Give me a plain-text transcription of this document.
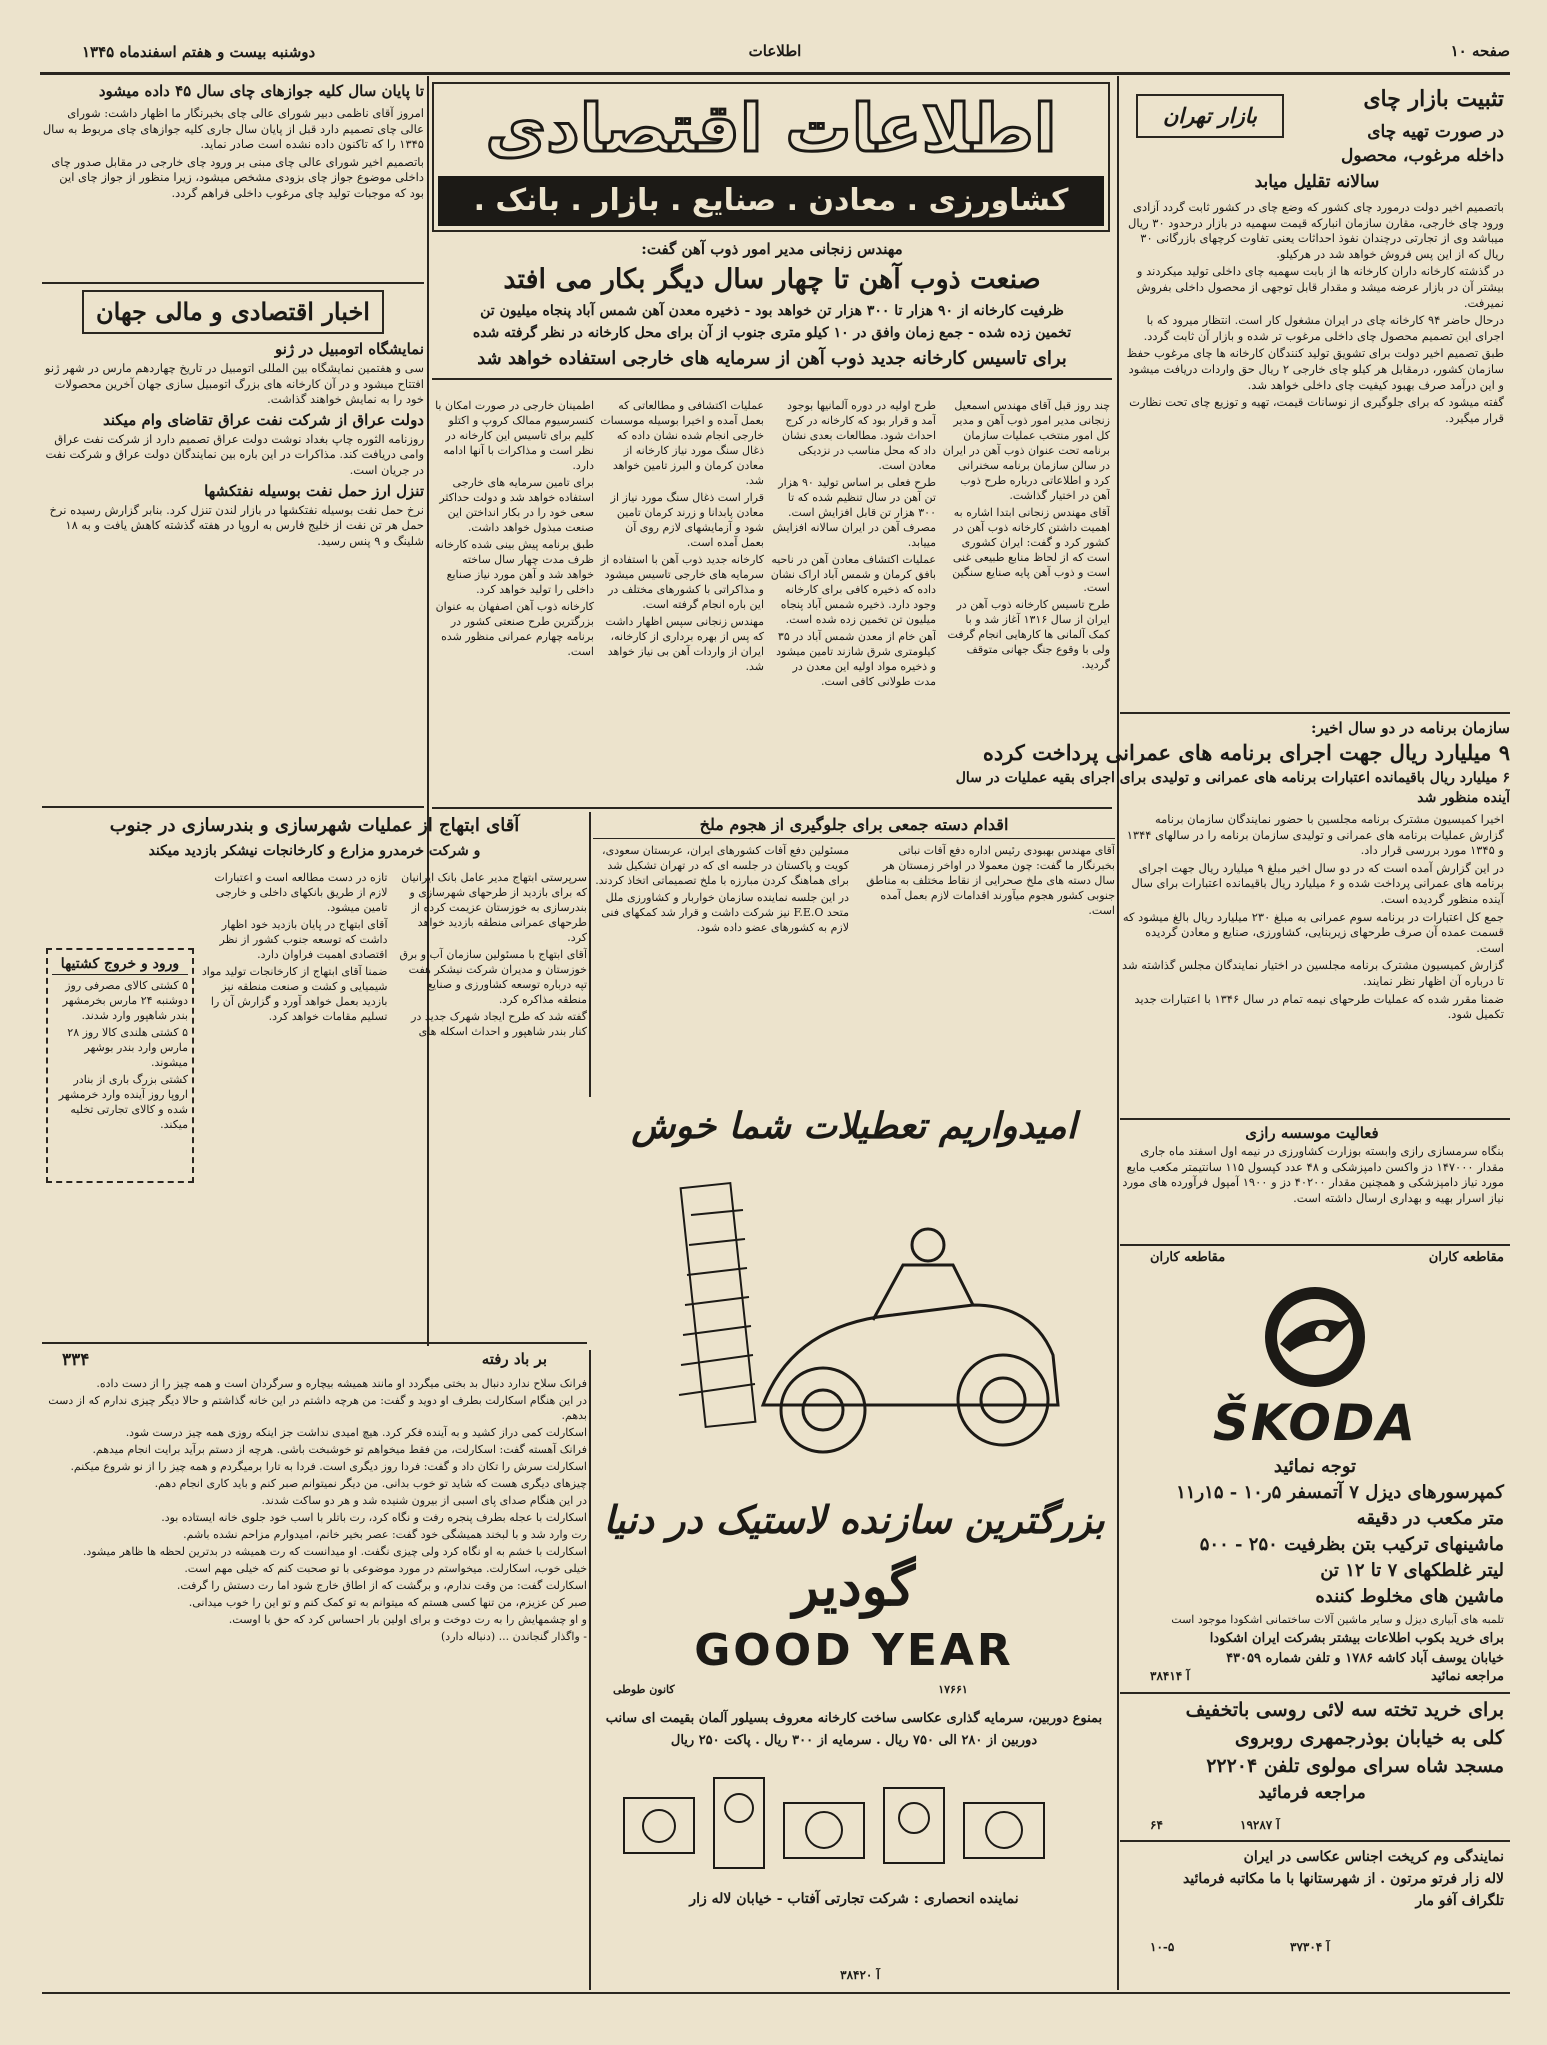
دوشنبه بیست و هفتم اسفندماه ۱۳۴۵	اطلاعات	صفحه ۱۰
بازار تهران
تثبیت بازار چای
در صورت تهیه چای
داخله مرغوب، محصول
سالانه تقلیل میابد

باتصمیم اخیر دولت درمورد چای کشور که وضع چای در کشور ثابت گردد آزادی ورود چای خارجی، مقارن سازمان انبارکه قیمت سهمیه در بازار درحدود ۳۰ ریال میباشد وی از تجارتی درچندان نفوذ احداثات یعنی تفاوت کرچهای بازرگانی ۳۰ ریال که از این پس فروش خواهد شد در هرکیلو.

در گذشته کارخانه داران کارخانه ها از بابت سهمیه چای داخلی تولید میکردند و بیشتر آن در بازار عرضه میشد و مقدار قابل توجهی از محصول داخلی بفروش نمیرفت.

درحال حاضر ۹۴ کارخانه چای در ایران مشغول کار است. انتظار میرود که با اجرای این تصمیم محصول چای داخلی مرغوب تر شده و بازار آن ثابت گردد.

طبق تصمیم اخیر دولت برای تشویق تولید کنندگان کارخانه ها چای مرغوب حفظ سازمان کشور، درمقابل هر کیلو چای خارجی ۲ ریال حق واردات دریافت میشود و این درآمد صرف بهبود کیفیت چای داخلی خواهد شد.

گفته میشود که برای جلوگیری از نوسانات قیمت، تهیه و توزیع چای تحت نظارت قرار میگیرد.

اطلاعات اقتصادی
کشاورزی . معادن . صنایع . بازار . بانک .
تا پایان سال کلیه جوازهای چای سال ۴۵ داده میشود

امروز آقای ناظمی دبیر شورای عالی چای بخبرنگار ما اظهار داشت: شورای عالی چای تصمیم دارد قبل از پایان سال جاری کلیه جوازهای چای مربوط به سال ۱۳۴۵ را که تاکنون داده نشده است صادر نماید.

باتصمیم اخیر شورای عالی چای مبنی بر ورود چای خارجی در مقابل صدور چای داخلی موضوع جواز چای بزودی مشخص میشود، زیرا منظور از جواز چای این بود که موجبات تولید چای مرغوب داخلی فراهم گردد.

اخبار اقتصادی و مالی جهان
نمایشگاه اتومبیل در ژنو

سی و هفتمین نمایشگاه بین المللی اتومبیل در تاریخ چهاردهم مارس در شهر ژنو افتتاح میشود و در آن کارخانه های بزرگ اتومبیل سازی جهان آخرین محصولات خود را به نمایش خواهند گذاشت.

دولت عراق از شرکت نفت عراق تقاضای وام میکند

روزنامه الثوره چاپ بغداد نوشت دولت عراق تصمیم دارد از شرکت نفت عراق وامی دریافت کند. مذاکرات در این باره بین نمایندگان دولت عراق و شرکت نفت در جریان است.

تنزل ارز حمل نفت بوسیله نفتکشها

نرخ حمل نفت بوسیله نفتکشها در بازار لندن تنزل کرد. بنابر گزارش رسیده نرخ حمل هر تن نفت از خلیج فارس به اروپا در هفته گذشته کاهش یافت و به ۱۸ شلینگ و ۹ پنس رسید.

مهندس زنجانی مدیر امور ذوب آهن گفت:
صنعت ذوب آهن تا چهار سال دیگر بکار می افتد
ظرفیت کارخانه از ۹۰ هزار تا ۳۰۰ هزار تن خواهد بود - ذخیره معدن آهن شمس آباد پنجاه میلیون تن
تخمین زده شده - جمع زمان وافق در ۱۰ کیلو متری جنوب از آن برای محل کارخانه در نظر گرفته شده
برای تاسیس کارخانه جدید ذوب آهن از سرمایه های خارجی استفاده خواهد شد

چند روز قبل آقای مهندس اسمعیل زنجانی مدیر امور ذوب آهن و مدیر کل امور منتخب عملیات سازمان برنامه تحت عنوان ذوب آهن در ایران در سالن سازمان برنامه سخنرانی کرد و اطلاعاتی درباره طرح ذوب آهن در اختیار گذاشت.

آقای مهندس زنجانی ابتدا اشاره به اهمیت داشتن کارخانه ذوب آهن در کشور کرد و گفت: ایران کشوری است که از لحاظ منابع طبیعی غنی است و ذوب آهن پایه صنایع سنگین است.

طرح تاسیس کارخانه ذوب آهن در ایران از سال ۱۳۱۶ آغاز شد و با کمک آلمانی ها کارهایی انجام گرفت ولی با وقوع جنگ جهانی متوقف گردید.

طرح اولیه در دوره آلمانیها بوجود آمد و قرار بود که کارخانه در کرج احداث شود. مطالعات بعدی نشان داد که محل مناسب در نزدیکی معادن است.

طرح فعلی بر اساس تولید ۹۰ هزار تن آهن در سال تنظیم شده که تا ۳۰۰ هزار تن قابل افزایش است. مصرف آهن در ایران سالانه افزایش مییابد.

عملیات اکتشاف معادن آهن در ناحیه بافق کرمان و شمس آباد اراک نشان داده که ذخیره کافی برای کارخانه وجود دارد. ذخیره شمس آباد پنجاه میلیون تن تخمین زده شده است.

آهن خام از معدن شمس آباد در ۳۵ کیلومتری شرق شازند تامین میشود و ذخیره مواد اولیه این معدن در مدت طولانی کافی است.

عملیات اکتشافی و مطالعاتی که بعمل آمده و اخیرا بوسیله موسسات خارجی انجام شده نشان داده که ذغال سنگ مورد نیاز کارخانه از معادن کرمان و البرز تامین خواهد شد.

قرار است ذغال سنگ مورد نیاز از معادن پابدانا و زرند کرمان تامین شود و آزمایشهای لازم روی آن بعمل آمده است.

کارخانه جدید ذوب آهن با استفاده از سرمایه های خارجی تاسیس میشود و مذاکراتی با کشورهای مختلف در این باره انجام گرفته است.

مهندس زنجانی سپس اظهار داشت که پس از بهره برداری از کارخانه، ایران از واردات آهن بی نیاز خواهد شد.

اطمینان خارجی در صورت امکان با کنسرسیوم ممالک کروپ و اکتلو کلیم برای تاسیس این کارخانه در نظر است و مذاکرات با آنها ادامه دارد.

برای تامین سرمایه های خارجی استفاده خواهد شد و دولت حداکثر سعی خود را در بکار انداختن این صنعت مبذول خواهد داشت.

طبق برنامه پیش بینی شده کارخانه ظرف مدت چهار سال ساخته خواهد شد و آهن مورد نیاز صنایع داخلی را تولید خواهد کرد.

کارخانه ذوب آهن اصفهان به عنوان بزرگترین طرح صنعتی کشور در برنامه چهارم عمرانی منظور شده است.

سازمان برنامه در دو سال اخیر:
۹ میلیارد ریال جهت اجرای برنامه های عمرانی پرداخت کرده
۶ میلیارد ریال باقیمانده اعتبارات برنامه های عمرانی و تولیدی برای اجرای بقیه عملیات در سال آینده منظور شد

اخیرا کمیسیون مشترک برنامه مجلسین با حضور نمایندگان سازمان برنامه گزارش عملیات برنامه های عمرانی و تولیدی سازمان برنامه را در سالهای ۱۳۴۴ و ۱۳۴۵ مورد بررسی قرار داد.

در این گزارش آمده است که در دو سال اخیر مبلغ ۹ میلیارد ریال جهت اجرای برنامه های عمرانی پرداخت شده و ۶ میلیارد ریال باقیمانده اعتبارات برای سال آینده منظور گردیده است.

جمع کل اعتبارات در برنامه سوم عمرانی به مبلغ ۲۳۰ میلیارد ریال بالغ میشود که قسمت عمده آن صرف طرحهای زیربنایی، کشاورزی، صنایع و معادن گردیده است.

گزارش کمیسیون مشترک برنامه مجلسین در اختیار نمایندگان مجلس گذاشته شد تا درباره آن اظهار نظر نمایند.

ضمنا مقرر شده که عملیات طرحهای نیمه تمام در سال ۱۳۴۶ با اعتبارات جدید تکمیل شود.

اقدام دسته جمعی برای جلوگیری از هجوم ملخ

آقای مهندس بهبودی رئیس اداره دفع آفات نباتی بخبرنگار ما گفت: چون معمولا در اواخر زمستان هر سال دسته های ملخ صحرایی از نقاط مختلف به مناطق جنوبی کشور هجوم میآورند اقدامات لازم بعمل آمده است.

مسئولین دفع آفات کشورهای ایران، عربستان سعودی، کویت و پاکستان در جلسه ای که در تهران تشکیل شد برای هماهنگ کردن مبارزه با ملخ تصمیماتی اتخاذ کردند.

در این جلسه نماینده سازمان خواربار و کشاورزی ملل متحد F.E.O نیز شرکت داشت و قرار شد کمکهای فنی لازم به کشورهای عضو داده شود.

آقای ابتهاج از عملیات شهرسازی و بندرسازی در جنوب
و شرکت خرمدرو مزارع و کارخانجات نیشکر بازدید میکند

سرپرستی ابتهاج مدیر عامل بانک ایرانیان که برای بازدید از طرحهای شهرسازی و بندرسازی به خوزستان عزیمت کرده از طرحهای عمرانی منطقه بازدید خواهد کرد.

آقای ابتهاج با مسئولین سازمان آب و برق خوزستان و مدیران شرکت نیشکر هفت تپه درباره توسعه کشاورزی و صنایع منطقه مذاکره کرد.

گفته شد که طرح ایجاد شهرک جدید در کنار بندر شاهپور و احداث اسکله های تازه در دست مطالعه است و اعتبارات لازم از طریق بانکهای داخلی و خارجی تامین میشود.

آقای ابتهاج در پایان بازدید خود اظهار داشت که توسعه جنوب کشور از نظر اقتصادی اهمیت فراوان دارد.

ضمنا آقای ابتهاج از کارخانجات تولید مواد شیمیایی و کشت و صنعت منطقه نیز بازدید بعمل خواهد آورد و گزارش آن را تسلیم مقامات خواهد کرد.

ورود و خروج کشتیها

۵ کشتی کالای مصرفی روز دوشنبه ۲۴ مارس بخرمشهر بندر شاهپور وارد شدند.

۵ کشتی هلندی کالا روز ۲۸ مارس وارد بندر بوشهر میشوند.

کشتی بزرگ باری از بنادر اروپا روز آینده وارد خرمشهر شده و کالای تجارتی تخلیه میکند.	امیدواریم تعطیلات شما خوش
بزرگترین سازنده لاستیک در دنیا
گودیر
GOOD YEAR
۱۷۶۶۱
کانون طوطی
بمنوع دوربین، سرمایه گذاری عکاسی ساخت کارخانه معروف بسیلور آلمان بقیمت ای سانب
دوربین از ۲۸۰ الی ۷۵۰ ریال . سرمایه از ۳۰۰ ریال . پاکت ۲۵۰ ریال
نماینده انحصاری : شرکت تجارتی آفتاب - خیابان لاله زار
آ ۳۸۴۲۰
بر باد رفته
۳۳۴

فرانک سلاح ندارد دنبال بد بختی میگردد او مانند همیشه بیچاره و سرگردان است و همه چیز را از دست داده.

در این هنگام اسکارلت بطرف او دوید و گفت: من هرچه داشتم در این خانه گذاشتم و حالا دیگر چیزی ندارم که از دست بدهم.

اسکارلت کمی دراز کشید و به آینده فکر کرد. هیچ امیدی نداشت جز اینکه روزی همه چیز درست شود.

فرانک آهسته گفت: اسکارلت، من فقط میخواهم تو خوشبخت باشی. هرچه از دستم برآید برایت انجام میدهم.

اسکارلت سرش را تکان داد و گفت: فردا روز دیگری است. فردا به تارا برمیگردم و همه چیز را از نو شروع میکنم.

چیزهای دیگری هست که شاید تو خوب بدانی. من دیگر نمیتوانم صبر کنم و باید کاری انجام دهم.

در این هنگام صدای پای اسبی از بیرون شنیده شد و هر دو ساکت شدند.

اسکارلت با عجله بطرف پنجره رفت و نگاه کرد، رت باتلر با اسب خود جلوی خانه ایستاده بود.

رت وارد شد و با لبخند همیشگی خود گفت: عصر بخیر خانم، امیدوارم مزاحم نشده باشم.

اسکارلت با خشم به او نگاه کرد ولی چیزی نگفت. او میدانست که رت همیشه در بدترین لحظه ها ظاهر میشود.

خیلی خوب، اسکارلت. میخواستم در مورد موضوعی با تو صحبت کنم که خیلی مهم است.

اسکارلت گفت: من وقت ندارم، و برگشت که از اطاق خارج شود اما رت دستش را گرفت.

صبر کن عزیزم، من تنها کسی هستم که میتوانم به تو کمک کنم و تو این را خوب میدانی.

و او چشمهایش را به رت دوخت و برای اولین بار احساس کرد که حق با اوست.

- واگذار گنجاندن ... (دنباله دارد)

فعالیت موسسه رازی

بنگاه سرمسازی رازی وابسته بوزارت کشاورزی در نیمه اول اسفند ماه جاری مقدار ۱۴۷۰۰۰ دز واکسن دامپزشکی و ۴۸ عدد کپسول ۱۱۵ سانتیمتر مکعب مایع مورد نیاز دامپزشکی و همچنین مقدار ۴۰۲۰۰ دز و ۱۹۰۰ آمپول فرآورده های مورد نیاز اسرار بهیه و بهداری ارسال داشته است.

مقاطعه کاران
مقاطعه کاران
ŠKODA
توجه نمائید
کمپرسورهای دیزل ۷ آتمسفر ۵ر۱۰ - ۱۵ر۱۱
متر مکعب در دقیقه
ماشینهای ترکیب بتن بظرفیت ۲۵۰ - ۵۰۰
لیتر غلطکهای ۷ تا ۱۲ تن
ماشین های مخلوط کننده
تلمبه های آبیاری دیزل و سایر ماشین آلات ساختمانی اشکودا موجود است
برای خرید بکوب اطلاعات بیشتر بشرکت ایران اشکودا
خیابان یوسف آباد کاشه ۱۷۸۶ و تلفن شماره ۴۳۰۵۹
مراجعه نمائید
آ ۳۸۴۱۴
برای خرید تخته سه لائی روسی باتخفیف
کلی به خیابان بوذرجمهری روبروی
مسجد شاه سرای مولوی تلفن ۲۲۲۰۴
مراجعه فرمائید
آ ۱۹۲۸۷
۶۴
نمایندگی وم کریخت اجناس عکاسی در ایران
لاله زار فرتو مرتون . از شهرستانها با ما مکاتبه فرمائید
تلگراف آفو مار
آ ۳۷۳۰۴
۱۰-۵
